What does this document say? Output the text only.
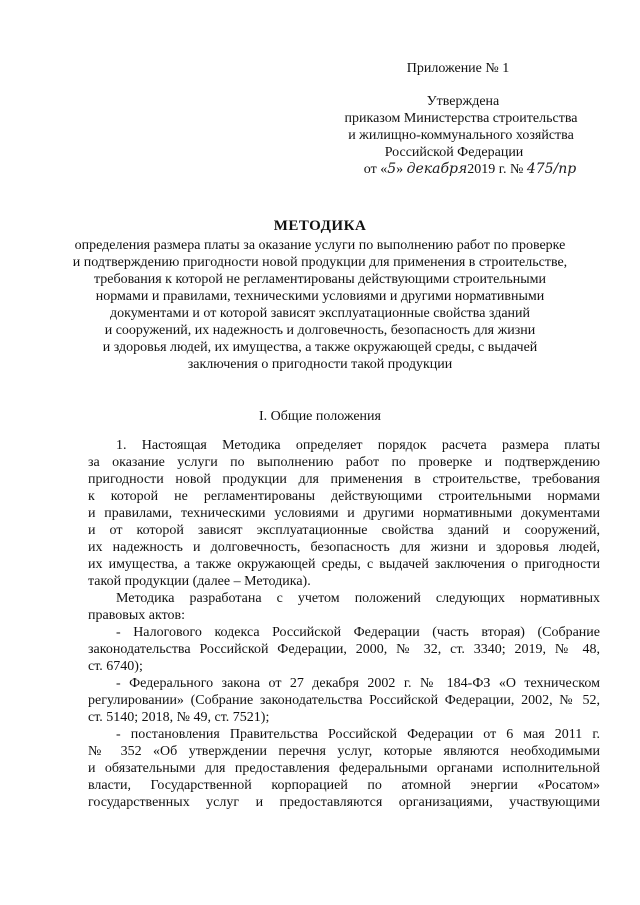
Приложение № 1
Утверждена
приказом Министерства строительства
и жилищно-коммунального хозяйства
Российской Федерации
от «5» декабря2019 г. № 475/пр
МЕТОДИКА
определения размера платы за оказание услуги по выполнению работ по проверке
и подтверждению пригодности новой продукции для применения в строительстве,
требования к которой не регламентированы действующими строительными
нормами и правилами, техническими условиями и другими нормативными
документами и от которой зависят эксплуатационные свойства зданий
и сооружений, их надежность и долговечность, безопасность для жизни
и здоровья людей, их имущества, а также окружающей среды, с выдачей
заключения о пригодности такой продукции
I. Общие положения
1. Настоящая Методика определяет порядок расчета размера платы
за оказание услуги по выполнению работ по проверке и подтверждению
пригодности новой продукции для применения в строительстве, требования
к которой не регламентированы действующими строительными нормами
и правилами, техническими условиями и другими нормативными документами
и от которой зависят эксплуатационные свойства зданий и сооружений,
их надежность и долговечность, безопасность для жизни и здоровья людей,
их имущества, а также окружающей среды, с выдачей заключения о пригодности
такой продукции (далее – Методика).
Методика разработана с учетом положений следующих нормативных
правовых актов:
- Налогового кодекса Российской Федерации (часть вторая) (Собрание
законодательства Российской Федерации, 2000, № 32, ст. 3340; 2019, № 48,
ст. 6740);
- Федерального закона от 27 декабря 2002 г. № 184-ФЗ «О техническом
регулировании» (Собрание законодательства Российской Федерации, 2002, № 52,
ст. 5140; 2018, № 49, ст. 7521);
- постановления Правительства Российской Федерации от 6 мая 2011 г.
№ 352 «Об утверждении перечня услуг, которые являются необходимыми
и обязательными для предоставления федеральными органами исполнительной
власти, Государственной корпорацией по атомной энергии «Росатом»
государственных услуг и предоставляются организациями, участвующими
